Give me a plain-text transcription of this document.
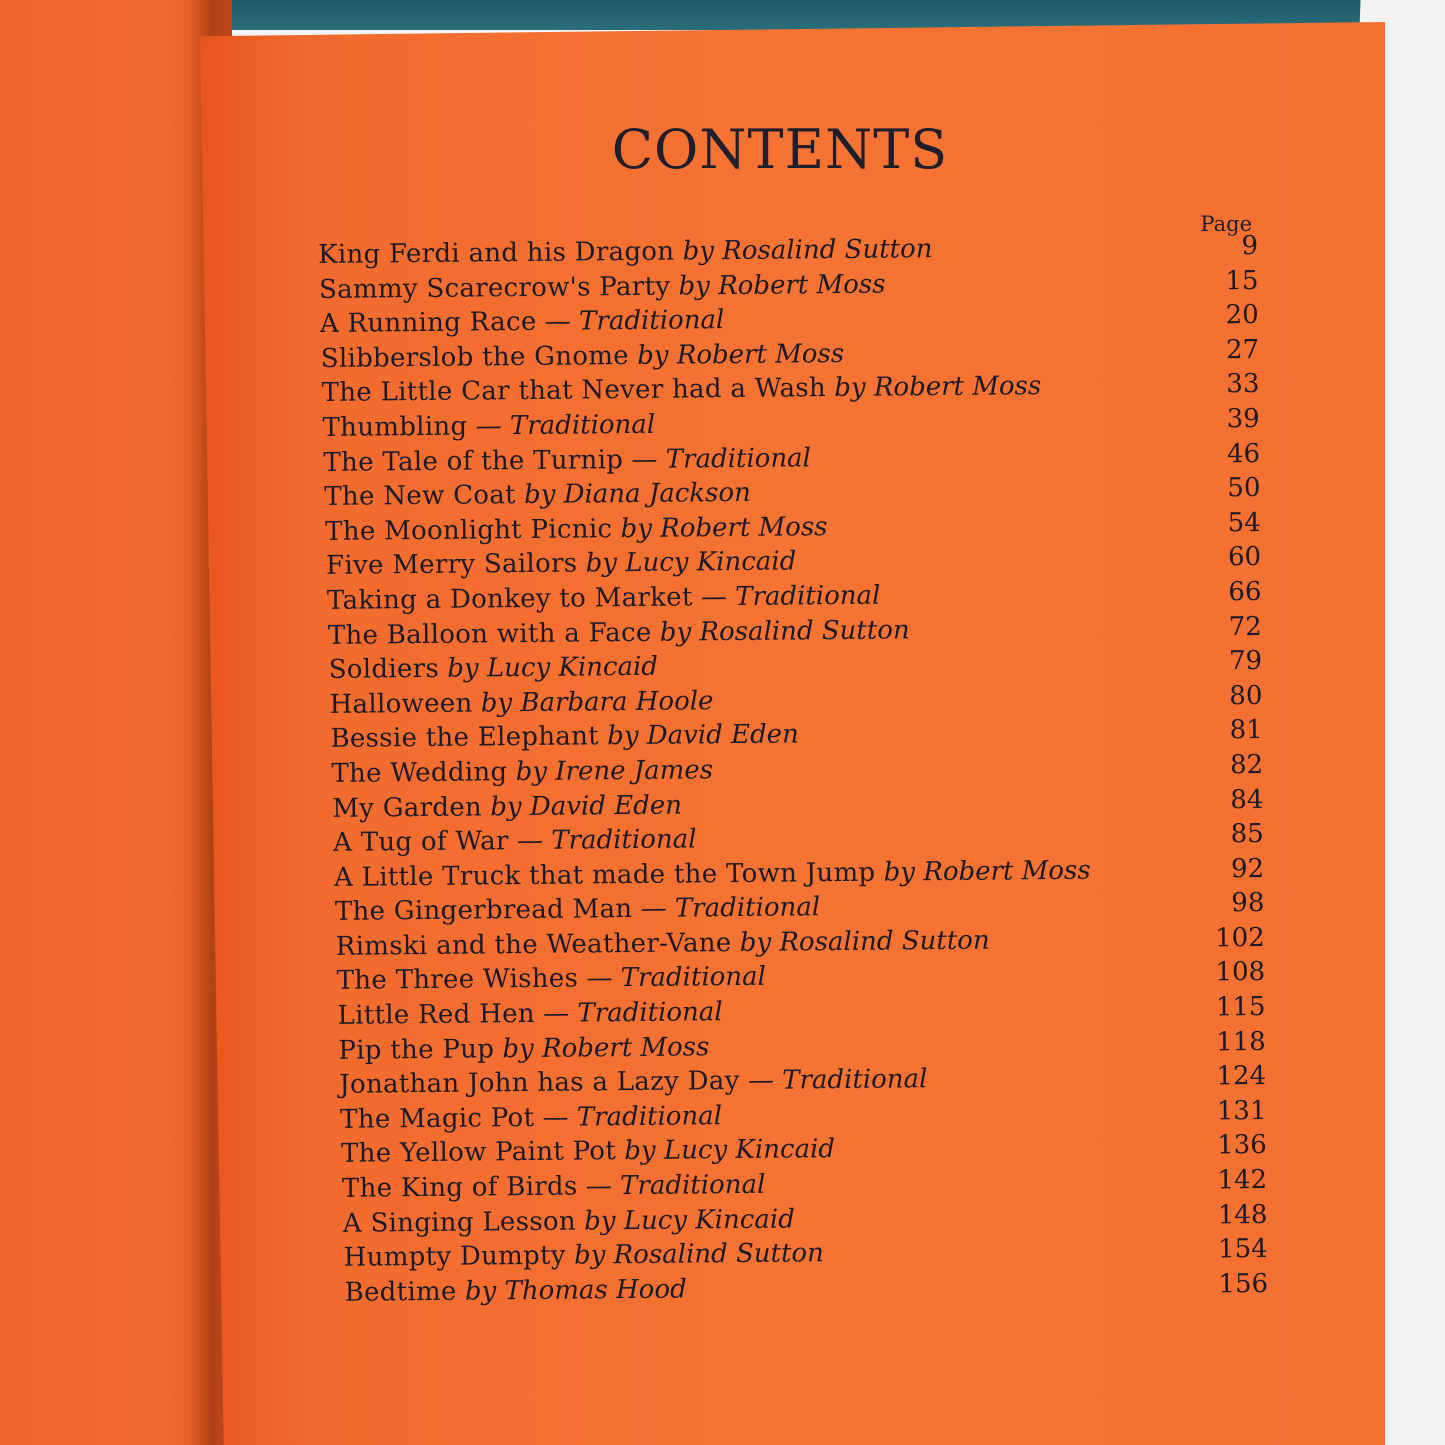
CONTENTS
Page
King Ferdi and his Dragon by Rosalind Sutton	9
Sammy Scarecrow's Party by Robert Moss	15
A Running Race — Traditional	20
Slibberslob the Gnome by Robert Moss	27
The Little Car that Never had a Wash by Robert Moss	33
Thumbling — Traditional	39
The Tale of the Turnip — Traditional	46
The New Coat by Diana Jackson	50
The Moonlight Picnic by Robert Moss	54
Five Merry Sailors by Lucy Kincaid	60
Taking a Donkey to Market — Traditional	66
The Balloon with a Face by Rosalind Sutton	72
Soldiers by Lucy Kincaid	79
Halloween by Barbara Hoole	80
Bessie the Elephant by David Eden	81
The Wedding by Irene James	82
My Garden by David Eden	84
A Tug of War — Traditional	85
A Little Truck that made the Town Jump by Robert Moss	92
The Gingerbread Man — Traditional	98
Rimski and the Weather-Vane by Rosalind Sutton	102
The Three Wishes — Traditional	108
Little Red Hen — Traditional	115
Pip the Pup by Robert Moss	118
Jonathan John has a Lazy Day — Traditional	124
The Magic Pot — Traditional	131
The Yellow Paint Pot by Lucy Kincaid	136
The King of Birds — Traditional	142
A Singing Lesson by Lucy Kincaid	148
Humpty Dumpty by Rosalind Sutton	154
Bedtime by Thomas Hood	156
